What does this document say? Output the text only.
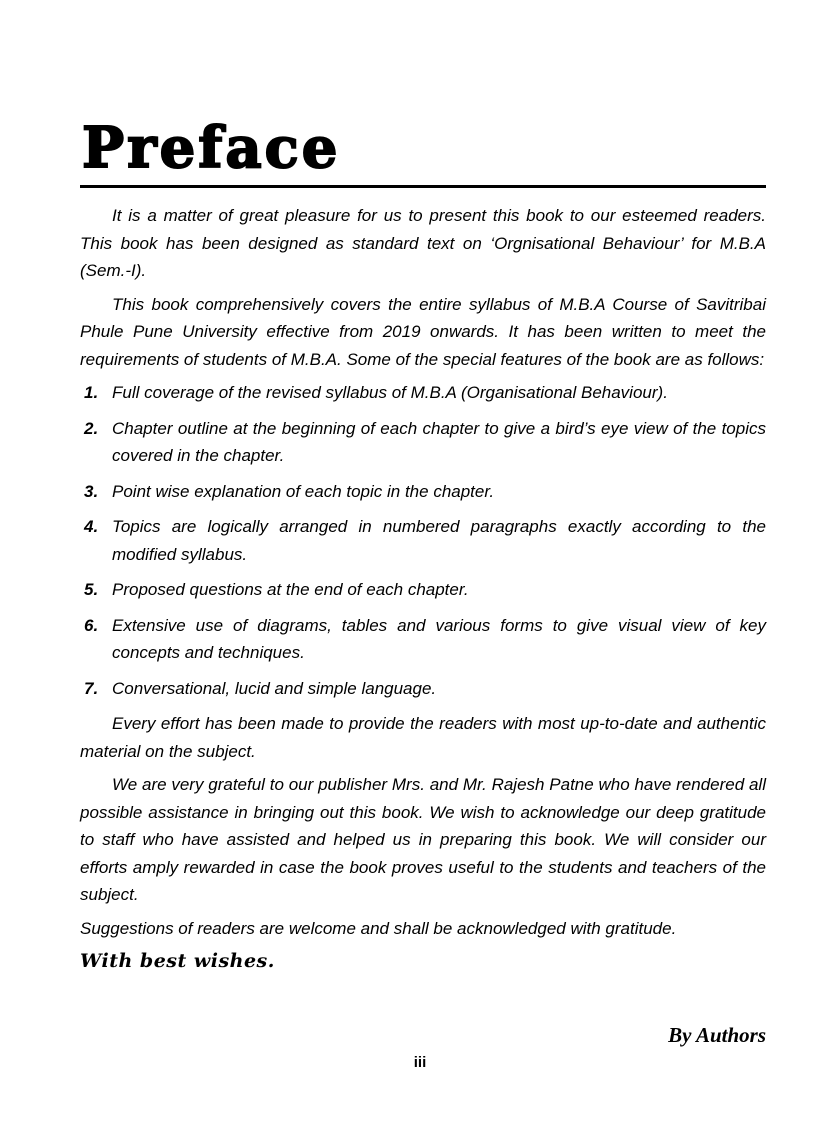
Preface

It is a matter of great pleasure for us to present this book to our esteemed readers. This book has been designed as standard text on ‘Orgnisational Behaviour’ for M.B.A (Sem.-I).

This book comprehensively covers the entire syllabus of M.B.A Course of Savitribai Phule Pune University effective from 2019 onwards. It has been written to meet the requirements of students of M.B.A. Some of the special features of the book are as follows:

1. Full coverage of the revised syllabus of M.B.A (Organisational Behaviour).
2. Chapter outline at the beginning of each chapter to give a bird’s eye view of the topics covered in the chapter.
3. Point wise explanation of each topic in the chapter.
4. Topics are logically arranged in numbered paragraphs exactly according to the modified syllabus.
5. Proposed questions at the end of each chapter.
6. Extensive use of diagrams, tables and various forms to give visual view of key concepts and techniques.
7. Conversational, lucid and simple language.

Every effort has been made to provide the readers with most up-to-date and authentic material on the subject.

We are very grateful to our publisher Mrs. and Mr. Rajesh Patne who have rendered all possible assistance in bringing out this book. We wish to acknowledge our deep gratitude to staff who have assisted and helped us in preparing this book. We will consider our efforts amply rewarded in case the book proves useful to the students and teachers of the subject.

Suggestions of readers are welcome and shall be acknowledged with gratitude.

With best wishes.

By Authors

iii
